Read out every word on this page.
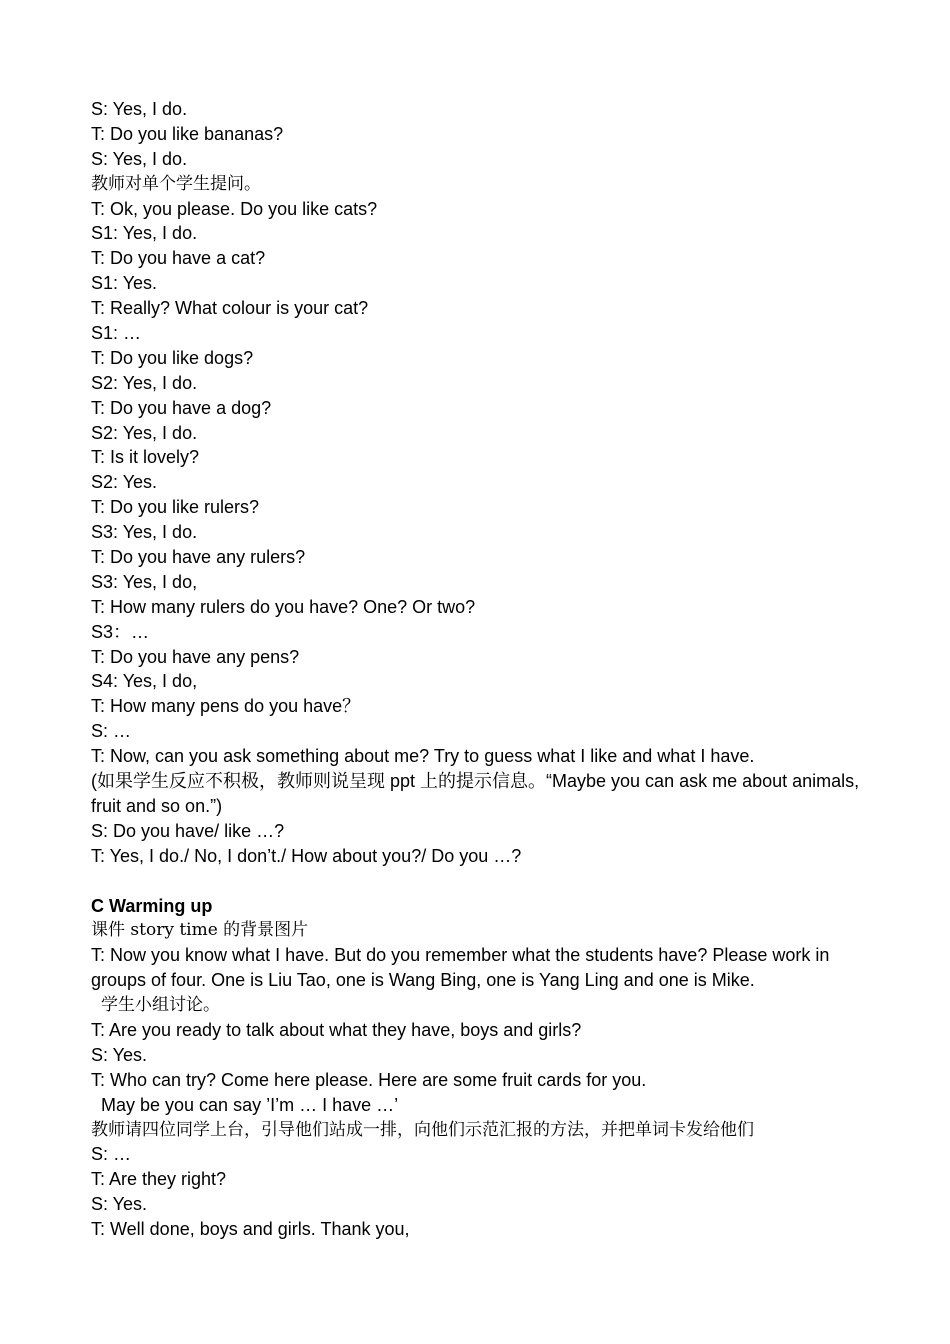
S: Yes, I do.
T: Do you like bananas?
S: Yes, I do.
教师对单个学生提问。
T: Ok, you please. Do you like cats?
S1: Yes, I do.
T: Do you have a cat?
S1: Yes.
T: Really? What colour is your cat?
S1: …
T: Do you like dogs?
S2: Yes, I do.
T: Do you have a dog?
S2: Yes, I do.
T: Is it lovely?
S2: Yes.
T: Do you like rulers?
S3: Yes, I do.
T: Do you have any rulers?
S3: Yes, I do,
T: How many rulers do you have? One? Or two?
S3：…
T: Do you have any pens?
S4: Yes, I do,
T: How many pens do you have？
S: …
T: Now, can you ask something about me? Try to guess what I like and what I have.
(如果学生反应不积极，教师则说呈现 ppt 上的提示信息。“Maybe you can ask me about animals, fruit and so on.”)
S: Do you have/ like …?
T: Yes, I do./ No, I don’t./ How about you?/ Do you …?
C Warming up
课件 story time 的背景图片
T: Now you know what I have. But do you remember what the students have? Please work in groups of four. One is Liu Tao, one is Wang Bing, one is Yang Ling and one is Mike.
学生小组讨论。
T: Are you ready to talk about what they have, boys and girls?
S: Yes.
T: Who can try? Come here please. Here are some fruit cards for you.
May be you can say ’I’m … I have …’
教师请四位同学上台，引导他们站成一排，向他们示范汇报的方法，并把单词卡发给他们
S: …
T: Are they right?
S: Yes.
T: Well done, boys and girls. Thank you,
